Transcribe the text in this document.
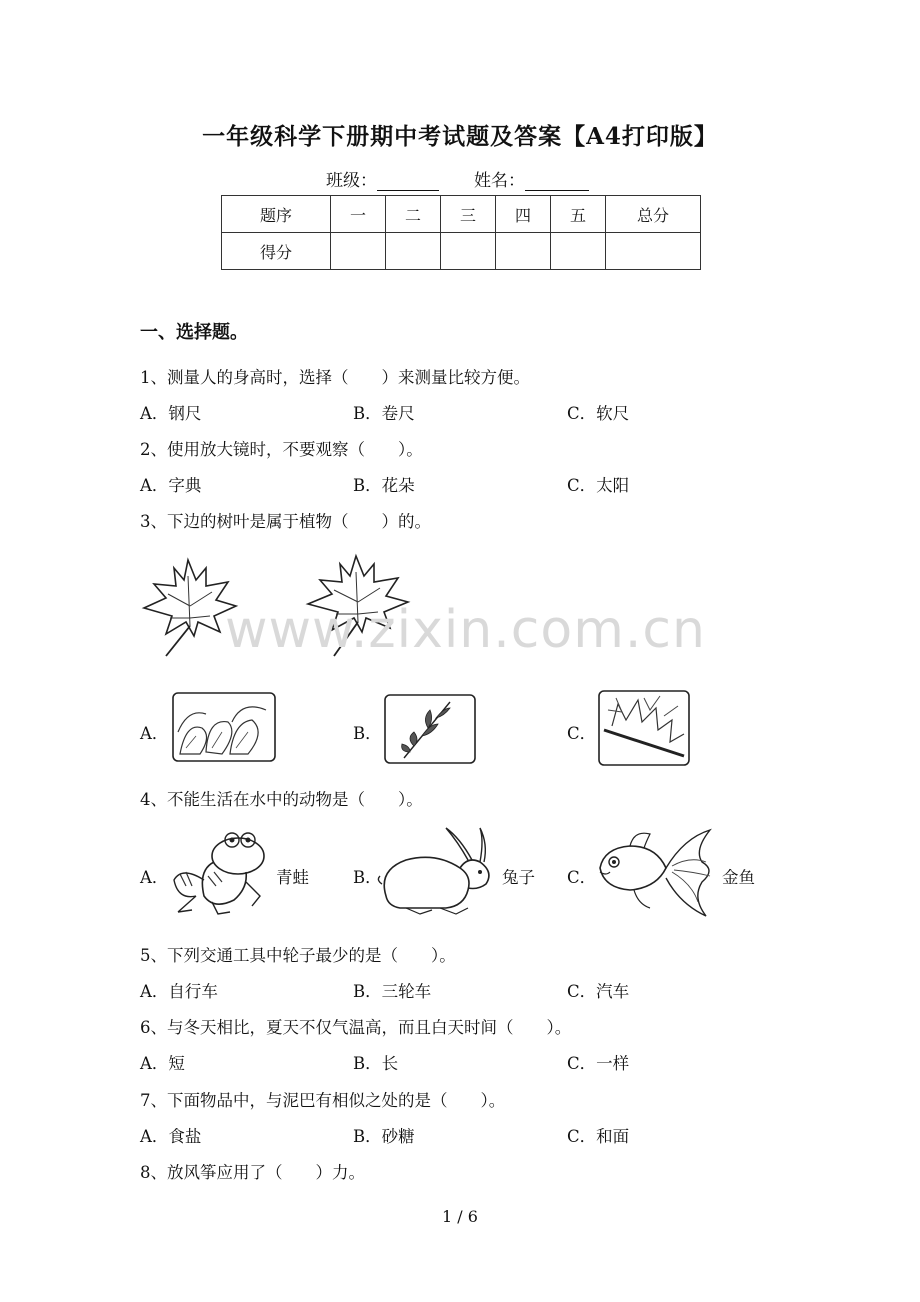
一年级科学下册期中考试题及答案【A4打印版】
班级：	姓名：
题序	一	二	三	四	五	总分
得分						
一、选择题。
1、测量人的身高时，选择（　　）来测量比较方便。
A．钢尺	B．卷尺	C．软尺
2、使用放大镜时，不要观察（　　）。
A．字典	B．花朵	C．太阳
3、下边的树叶是属于植物（　　）的。
www.zixin.com.cn
A．	B．	C．
4、不能生活在水中的动物是（　　）。
A．	青蛙	B．	兔子 C．	金鱼
5、下列交通工具中轮子最少的是（　　）。
A．自行车	B．三轮车	C．汽车
6、与冬天相比，夏天不仅气温高，而且白天时间（　　）。
A．短	B．长	C．一样
7、下面物品中，与泥巴有相似之处的是（　　）。
A．食盐	B．砂糖	C．和面
8、放风筝应用了（　　）力。
1 / 6
